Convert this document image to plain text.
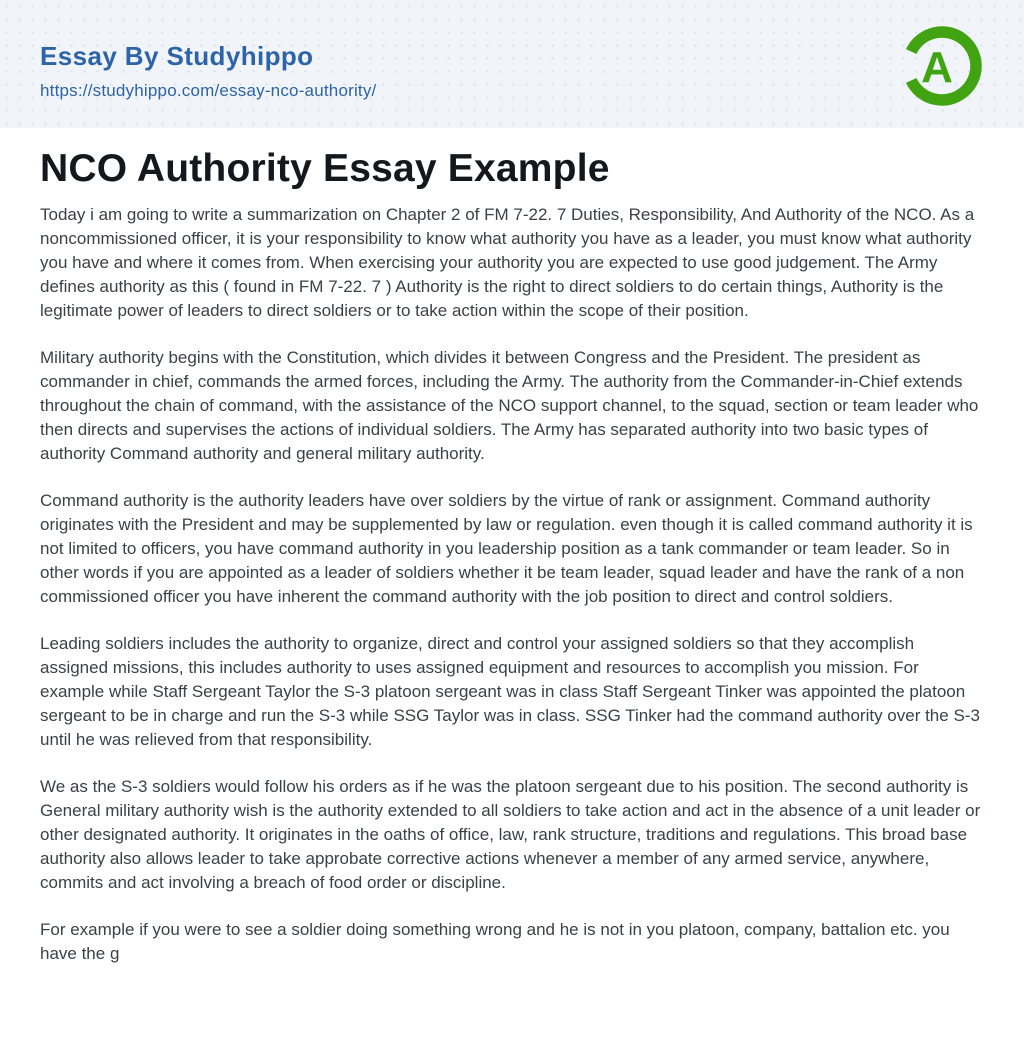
Essay By Studyhippo
https://studyhippo.com/essay-nco-authority/	A
NCO Authority Essay Example

Today i am going to write a summarization on Chapter 2 of FM 7-22. 7 Duties, Responsibility, And Authority of the NCO. As a noncommissioned officer, it is your responsibility to know what authority you have as a leader, you must know what authority you have and where it comes from. When exercising your authority you are expected to use good judgement. The Army defines authority as this ( found in FM 7-22. 7 ) Authority is the right to direct soldiers to do certain things, Authority is the legitimate power of leaders to direct soldiers or to take action within the scope of their position.

Military authority begins with the Constitution, which divides it between Congress and the President. The president as commander in chief, commands the armed forces, including the Army. The authority from the Commander-in-Chief extends throughout the chain of command, with the assistance of the NCO support channel, to the squad, section or team leader who then directs and supervises the actions of individual soldiers. The Army has separated authority into two basic types of authority Command authority and general military authority.

Command authority is the authority leaders have over soldiers by the virtue of rank or assignment. Command authority originates with the President and may be supplemented by law or regulation. even though it is called command authority it is not limited to officers, you have command authority in you leadership position as a tank commander or team leader. So in other words if you are appointed as a leader of soldiers whether it be team leader, squad leader and have the rank of a non commissioned officer you have inherent the command authority with the job position to direct and control soldiers.

Leading soldiers includes the authority to organize, direct and control your assigned soldiers so that they accomplish assigned missions, this includes authority to uses assigned equipment and resources to accomplish you mission. For example while Staff Sergeant Taylor the S-3 platoon sergeant was in class Staff Sergeant Tinker was appointed the platoon sergeant to be in charge and run the S-3 while SSG Taylor was in class. SSG Tinker had the command authority over the S-3 until he was relieved from that responsibility.

We as the S-3 soldiers would follow his orders as if he was the platoon sergeant due to his position. The second authority is General military authority wish is the authority extended to all soldiers to take action and act in the absence of a unit leader or other designated authority. It originates in the oaths of office, law, rank structure, traditions and regulations. This broad base authority also allows leader to take approbate corrective actions whenever a member of any armed service, anywhere, commits and act involving a breach of food order or discipline.

For example if you were to see a soldier doing something wrong and he is not in you platoon, company, battalion etc. you have the g
